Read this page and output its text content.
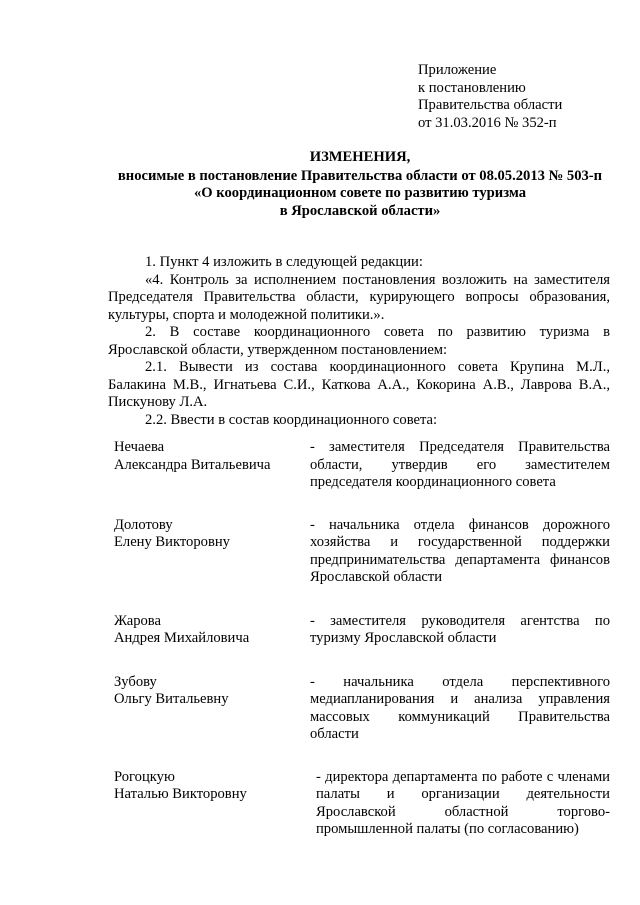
Приложение
к постановлению
Правительства области
от 31.03.2016 № 352-п
ИЗМЕНЕНИЯ,
вносимые в постановление Правительства области от 08.05.2013 № 503-п
«О координационном совете по развитию туризма
в Ярославской области»

1. Пункт 4 изложить в следующей редакции:

«4. Контроль за исполнением постановления возложить на заместителя Председателя Правительства области, курирующего вопросы образования, культуры, спорта и молодежной политики.».

2. В составе координационного совета по развитию туризма в Ярославской области, утвержденном постановлением:

2.1. Вывести из состава координационного совета Крупина М.Л., Балакина М.В., Игнатьева С.И., Каткова А.А., Кокорина А.В., Лаврова В.А., Пискунову Л.А.

2.2. Ввести в состав координационного совета:

Нечаева
Александра Витальевича
- заместителя Председателя Правительства области, утвердив его заместителем председателя координационного совета
Долотову
Елену Викторовну
- начальника отдела финансов дорожного хозяйства и государственной поддержки предпринимательства департамента финансов Ярославской области
Жарова
Андрея Михайловича
- заместителя руководителя агентства по туризму Ярославской области
Зубову
Ольгу Витальевну
- начальника отдела перспективного медиапланирования и анализа управления массовых коммуникаций Правительства области
Рогоцкую
Наталью Викторовну
- директора департамента по работе с членами палаты и организации деятельности Ярославской областной торгово-промышленной палаты (по согласованию)
